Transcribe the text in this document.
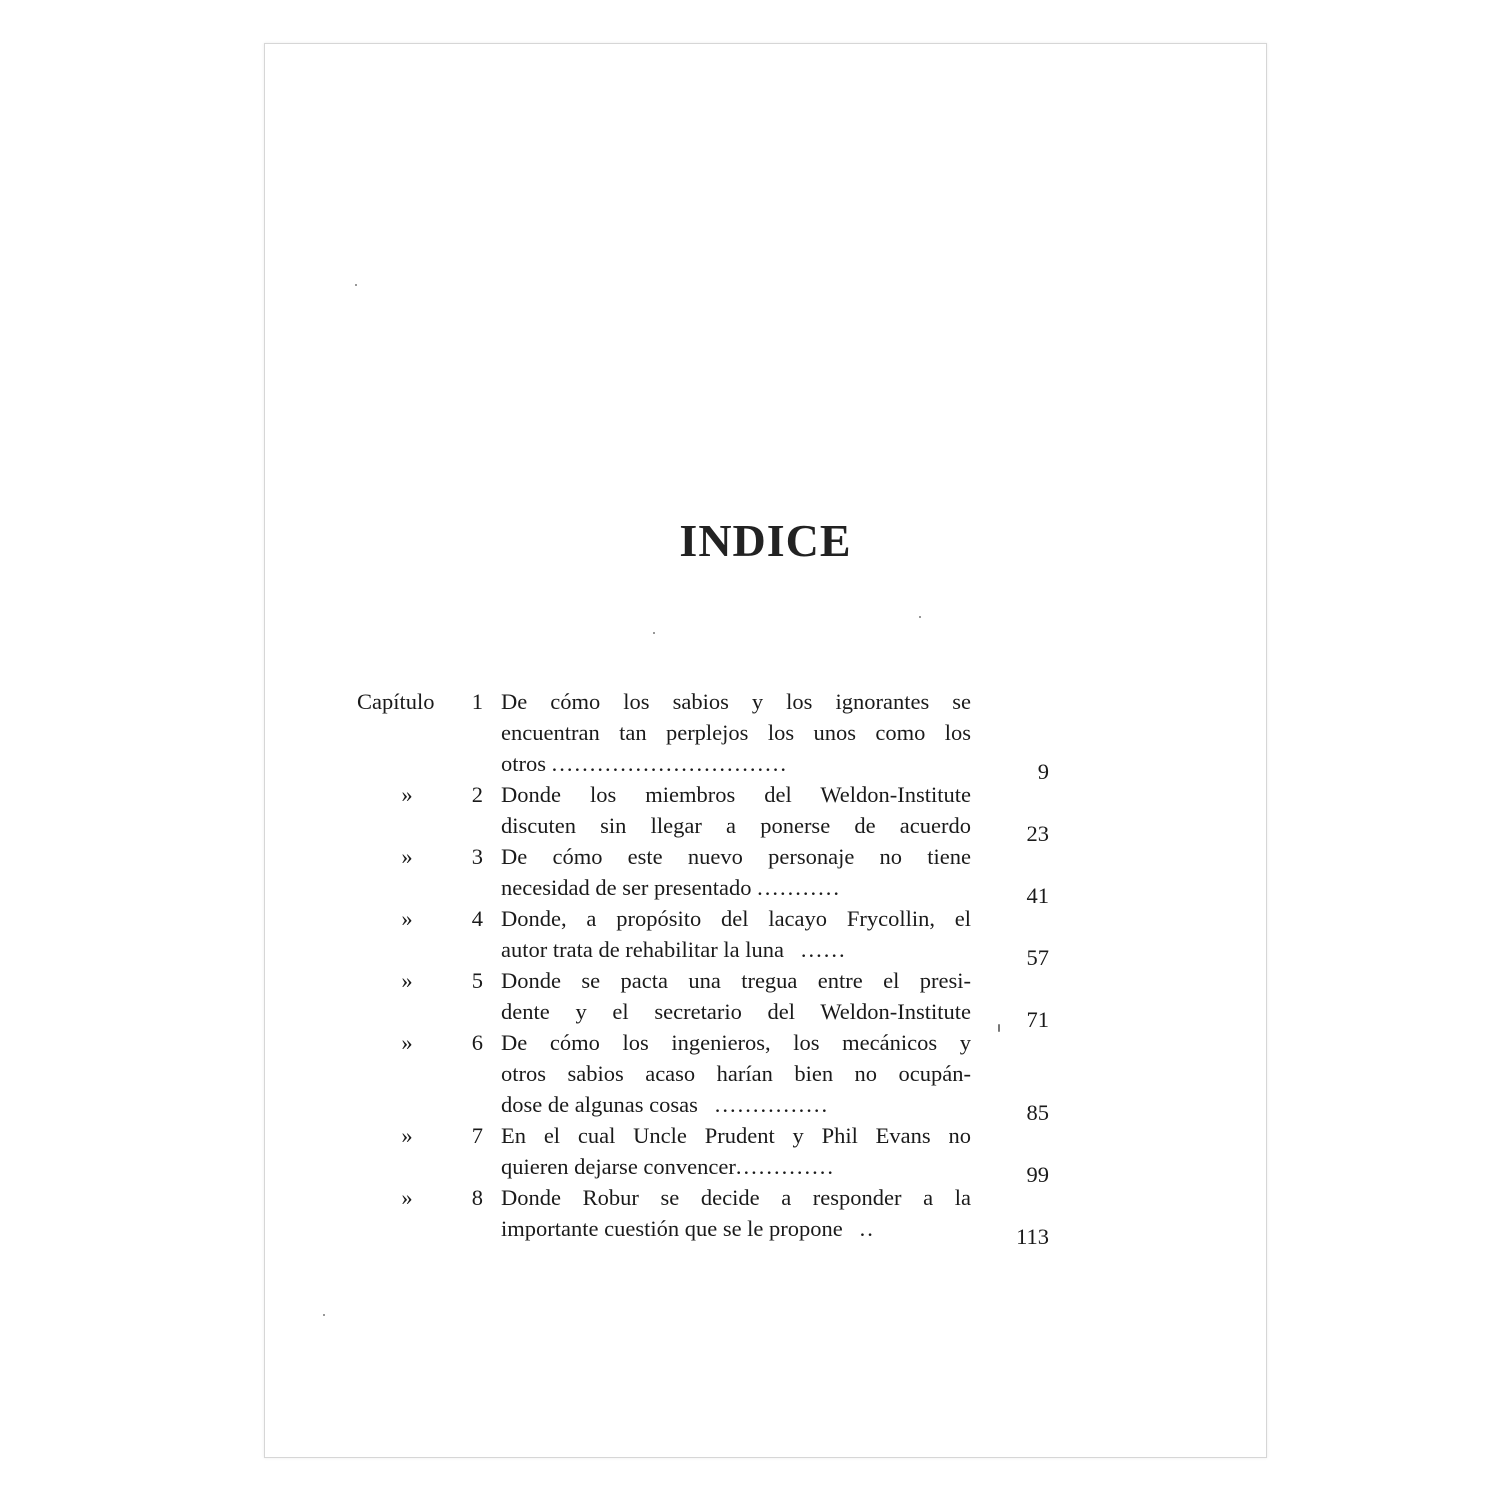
INDICE
Capítulo	1 De cómo los sabios y los ignorantes se
encuentran tan perplejos los unos como los
otros ...............................	9
»	2 Donde los miembros del Weldon-Institute
discuten sin llegar a ponerse de acuerdo	23
»	3 De cómo este nuevo personaje no tiene
necesidad de ser presentado ...........	41
»	4 Donde, a propósito del lacayo Frycollin, el
autor trata de rehabilitar la luna ......	57
»	5 Donde se pacta una tregua entre el presi-
dente y el secretario del Weldon-Institute	71
»	6 De cómo los ingenieros, los mecánicos y
otros sabios acaso harían bien no ocupán-
dose de algunas cosas ...............	85
»	7 En el cual Uncle Prudent y Phil Evans no
quieren dejarse convencer.............	99
»	8 Donde Robur se decide a responder a la
importante cuestión que se le propone ..	113
